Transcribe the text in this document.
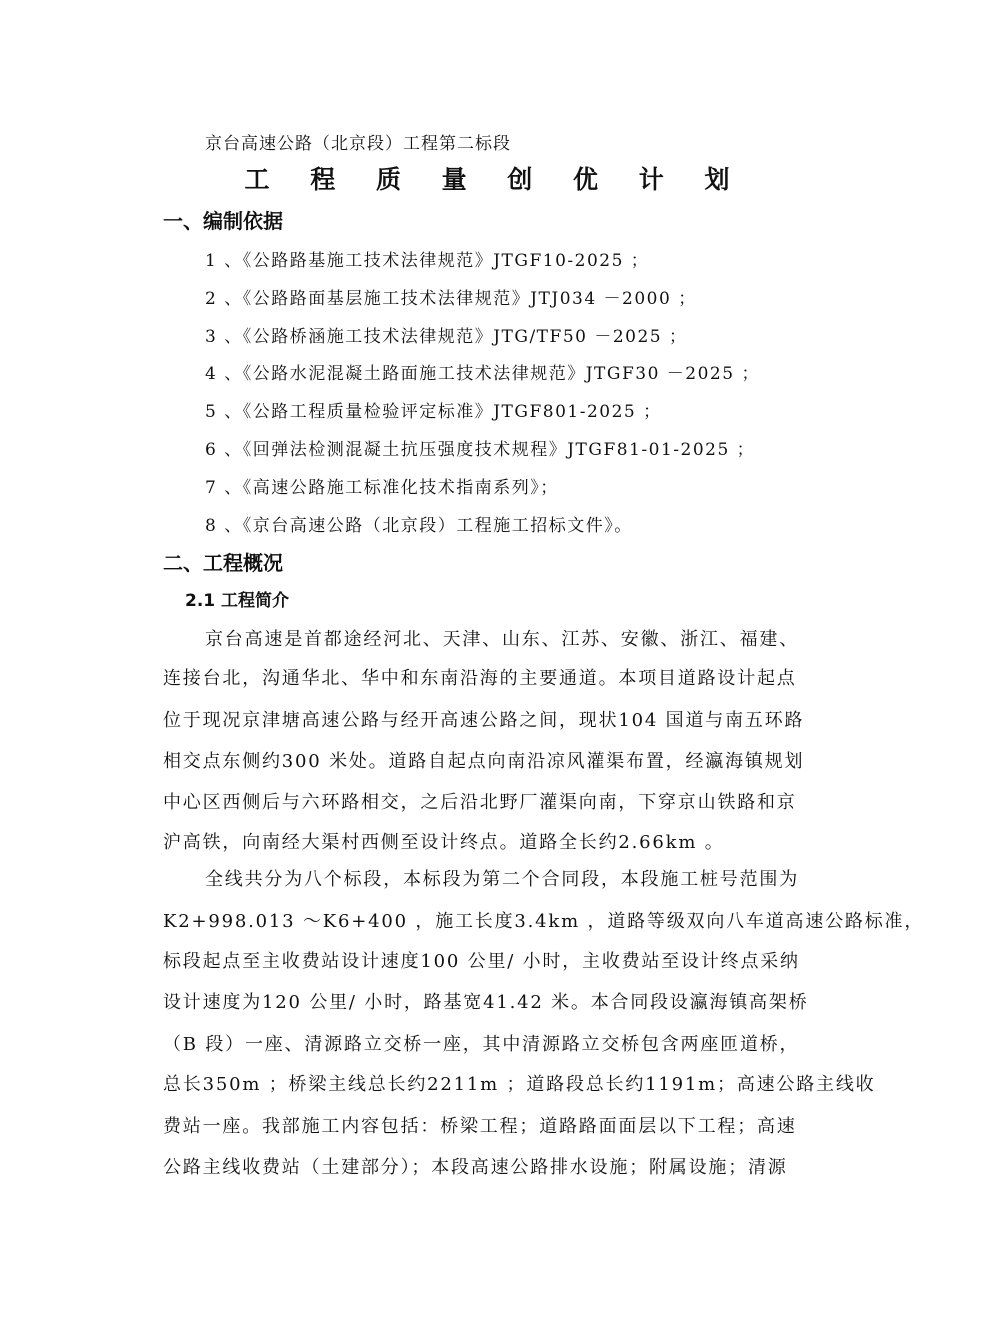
京台高速公路（北京段）工程第二标段
工 程 质 量 创 优 计 划
一、编制依据
1 、《公路路基施工技术法律规范》JTGF10-2025 ；
2 、《公路路面基层施工技术法律规范》JTJ034 －2000 ；
3 、《公路桥涵施工技术法律规范》JTG/TF50 －2025 ；
4 、《公路水泥混凝土路面施工技术法律规范》JTGF30 －2025 ；
5 、《公路工程质量检验评定标准》JTGF801-2025 ；
6 、《回弹法检测混凝土抗压强度技术规程》JTGF81-01-2025 ；
7 、《高速公路施工标准化技术指南系列》；
8 、《京台高速公路（北京段）工程施工招标文件》。
二、工程概况
2.1 工程简介
京台高速是首都途经河北、天津、山东、江苏、安徽、浙江、福建、
连接台北，沟通华北、华中和东南沿海的主要通道。本项目道路设计起点
位于现况京津塘高速公路与经开高速公路之间，现状104 国道与南五环路
相交点东侧约300 米处。道路自起点向南沿凉风灌渠布置，经瀛海镇规划
中心区西侧后与六环路相交，之后沿北野厂灌渠向南，下穿京山铁路和京
沪高铁，向南经大渠村西侧至设计终点。道路全长约2.66km 。
全线共分为八个标段，本标段为第二个合同段，本段施工桩号范围为
K2+998.013 ～K6+400 ，施工长度3.4km ，道路等级双向八车道高速公路标准，
标段起点至主收费站设计速度100 公里/ 小时，主收费站至设计终点采纳
设计速度为120 公里/ 小时，路基宽41.42 米。本合同段设瀛海镇高架桥
（B 段）一座、清源路立交桥一座，其中清源路立交桥包含两座匝道桥，
总长350m ；桥梁主线总长约2211m ；道路段总长约1191m；高速公路主线收
费站一座。我部施工内容包括：桥梁工程；道路路面面层以下工程；高速
公路主线收费站（土建部分）；本段高速公路排水设施；附属设施；清源
